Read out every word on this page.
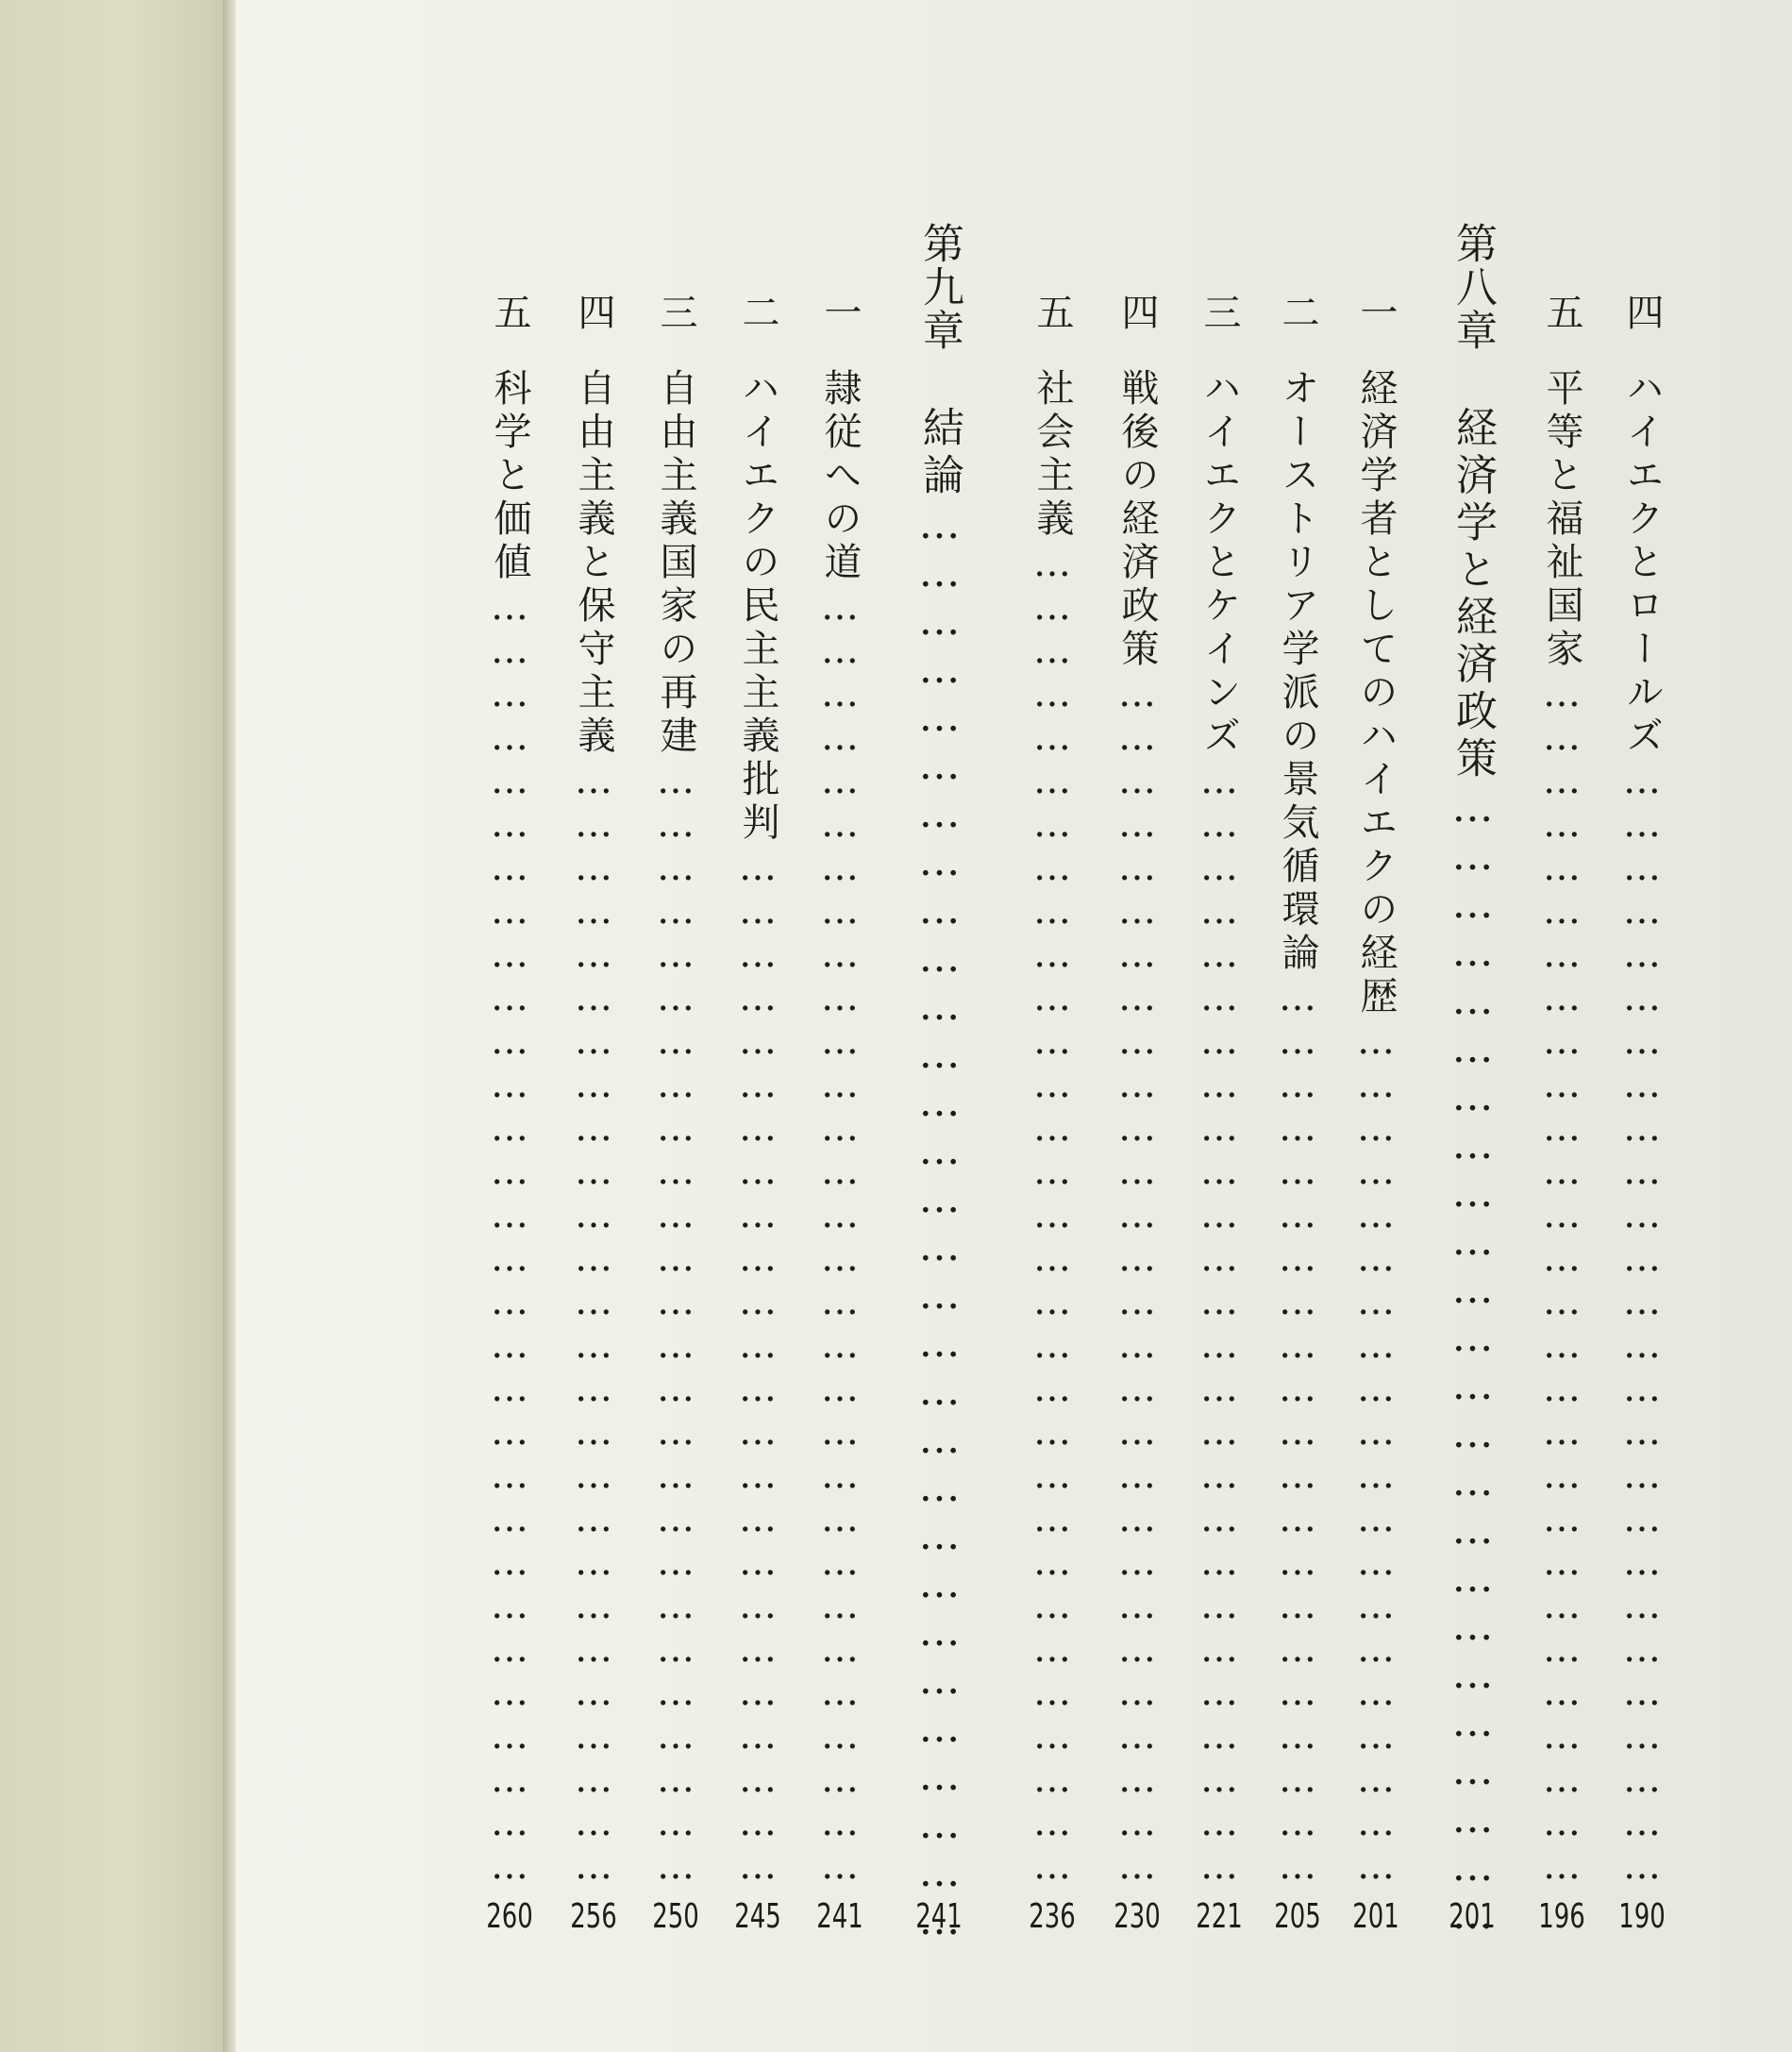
四
ハイエクとロールズ ……………………………………………………………………………………………………………………
190
五
平等と福祉国家 ……………………………………………………………………………………………………………………
196
第八章
経済学と経済政策 ……………………………………………………………………………………………………………………
201
一
経済学者としてのハイエクの経歴 ……………………………………………………………………………………………………………………
201
二
オーストリア学派の景気循環論 ……………………………………………………………………………………………………………………
205
三
ハイエクとケインズ ……………………………………………………………………………………………………………………
221
四
戦後の経済政策 ……………………………………………………………………………………………………………………
230
五
社会主義 ……………………………………………………………………………………………………………………
236
第九章
結論 ……………………………………………………………………………………………………………………
241
一
隷従への道 ……………………………………………………………………………………………………………………
241
二
ハイエクの民主主義批判 ……………………………………………………………………………………………………………………
245
三
自由主義国家の再建 ……………………………………………………………………………………………………………………
250
四
自由主義と保守主義 ……………………………………………………………………………………………………………………
256
五
科学と価値 ……………………………………………………………………………………………………………………
260
